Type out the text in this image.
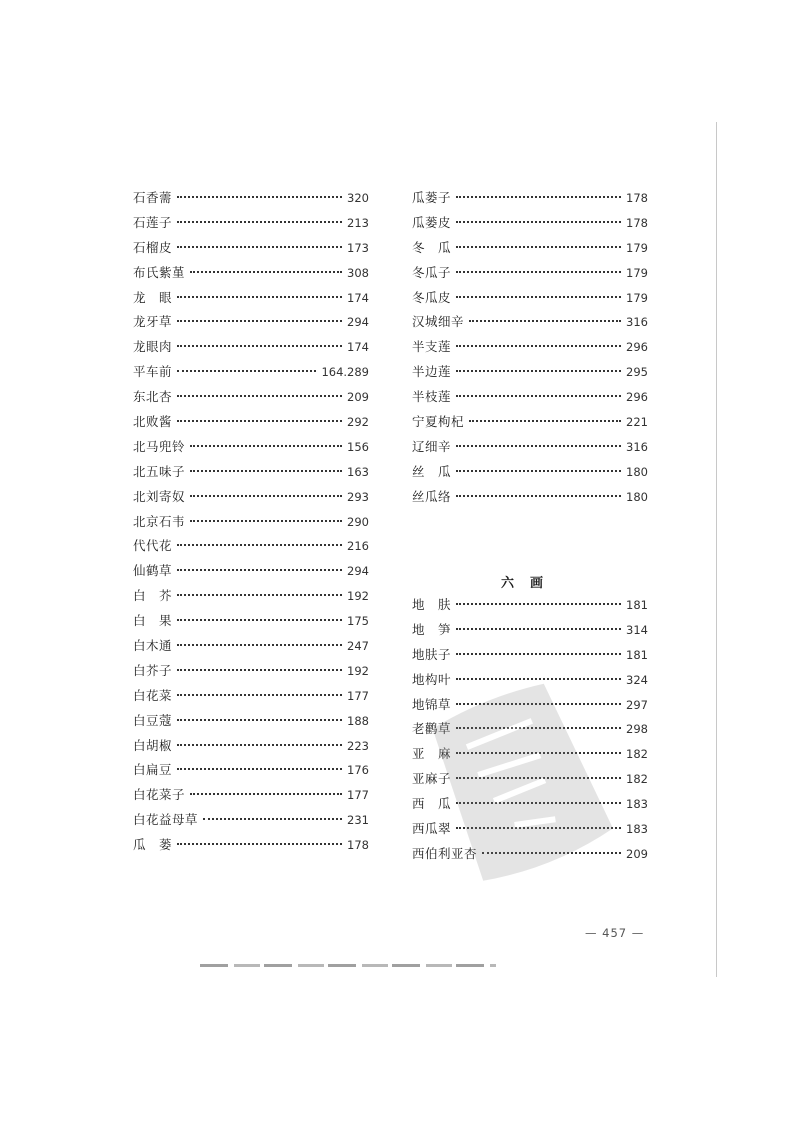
石香薷	320
石莲子	213
石榴皮	173
布氏紫堇	308
龙　眼	174
龙牙草	294
龙眼肉	174
平车前	164.289
东北杏	209
北败酱	292
北马兜铃	156
北五味子	163
北刘寄奴	293
北京石韦	290
代代花	216
仙鹤草	294
白　芥	192
白　果	175
白木通	247
白芥子	192
白花菜	177
白豆蔻	188
白胡椒	223
白扁豆	176
白花菜子	177
白花益母草	231
瓜　蒌	178
瓜蒌子	178
瓜蒌皮	178
冬　瓜	179
冬瓜子	179
冬瓜皮	179
汉城细辛	316
半支莲	296
半边莲	295
半枝莲	296
宁夏枸杞	221
辽细辛	316
丝　瓜	180
丝瓜络	180
六画
地　肤	181
地　笋	314
地肤子	181
地构叶	324
地锦草	297
老鹳草	298
亚　麻	182
亚麻子	182
西　瓜	183
西瓜翠	183
西伯利亚杏	209
— 457 —
